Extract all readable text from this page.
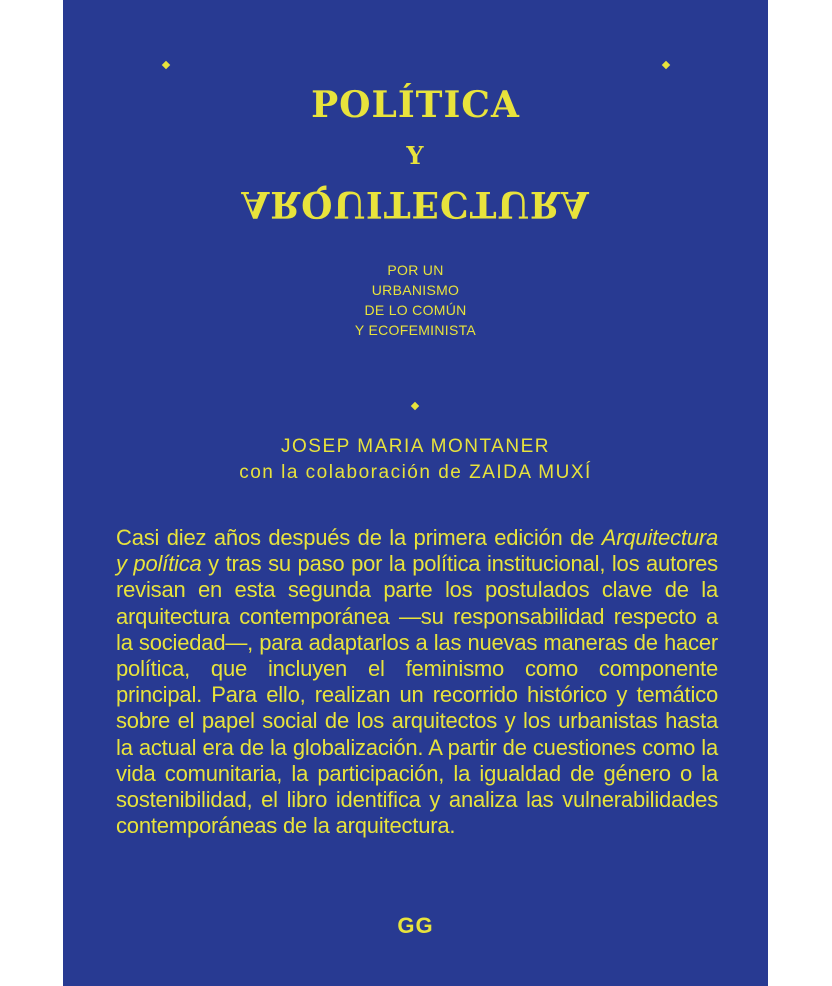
POLÍTICA
Y
ARQUITECTURA
POR UN
URBANISMO
DE LO COMÚN
Y ECOFEMINISTA
JOSEP MARIA MONTANER
con la colaboración de ZAIDA MUXÍ
Casi diez años después de la primera edición de Arquitectura y política y tras su paso por la política institucional, los autores revisan en esta segunda parte los postulados clave de la arquitectura contemporánea —su responsabilidad respecto a la sociedad—, para adaptarlos a las nuevas maneras de hacer política, que incluyen el feminismo como componente principal. Para ello, realizan un recorrido histórico y temático sobre el papel social de los arquitectos y los urbanistas hasta la actual era de la globalización. A partir de cuestiones como la vida comunitaria, la participación, la igualdad de género o la sostenibilidad, el libro identifica y analiza las vulnerabilidades contemporáneas de la arquitectura.
GG
